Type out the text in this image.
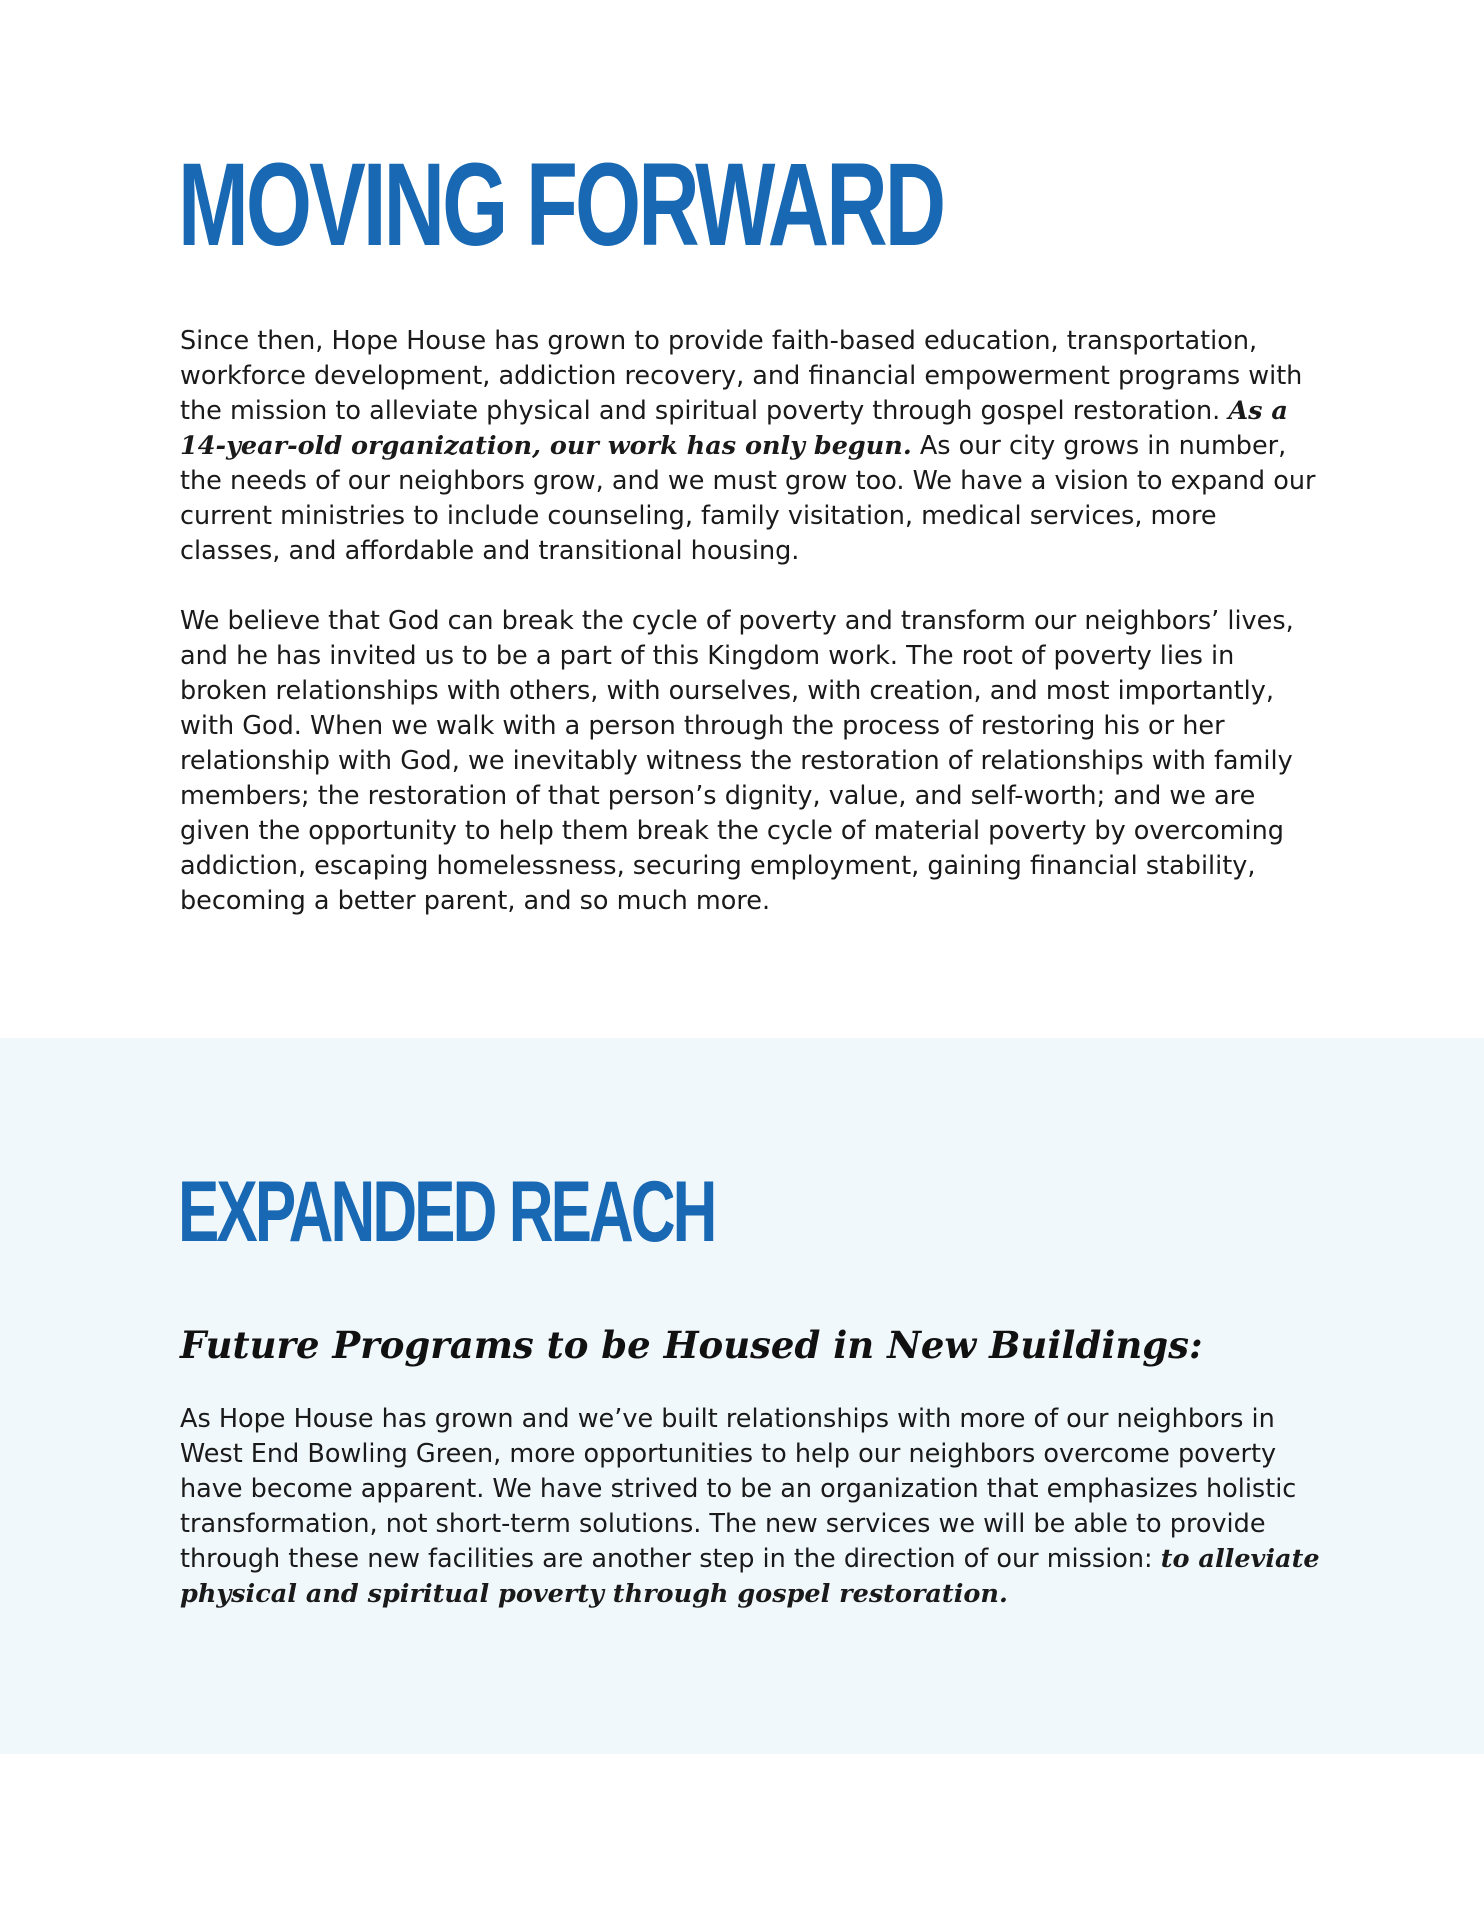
MOVING FORWARD

Since then, Hope House has grown to provide faith-based education, transportation, workforce development, addiction recovery, and financial empowerment programs with the mission to alleviate physical and spiritual poverty through gospel restoration. As a 14-year-old organization, our work has only begun. As our city grows in number, the needs of our neighbors grow, and we must grow too. We have a vision to expand our current ministries to include counseling, family visitation, medical services, more classes, and affordable and transitional housing.

We believe that God can break the cycle of poverty and transform our neighbors’ lives, and he has invited us to be a part of this Kingdom work. The root of poverty lies in broken relationships with others, with ourselves, with creation, and most importantly, with God. When we walk with a person through the process of restoring his or her relationship with God, we inevitably witness the restoration of relationships with family members; the restoration of that person’s dignity, value, and self-worth; and we are given the opportunity to help them break the cycle of material poverty by overcoming addiction, escaping homelessness, securing employment, gaining financial stability, becoming a better parent, and so much more.

EXPANDED REACH
Future Programs to be Housed in New Buildings:

As Hope House has grown and we’ve built relationships with more of our neighbors in West End Bowling Green, more opportunities to help our neighbors overcome poverty have become apparent. We have strived to be an organization that emphasizes holistic transformation, not short-term solutions. The new services we will be able to provide through these new facilities are another step in the direction of our mission: to alleviate physical and spiritual poverty through gospel restoration.
